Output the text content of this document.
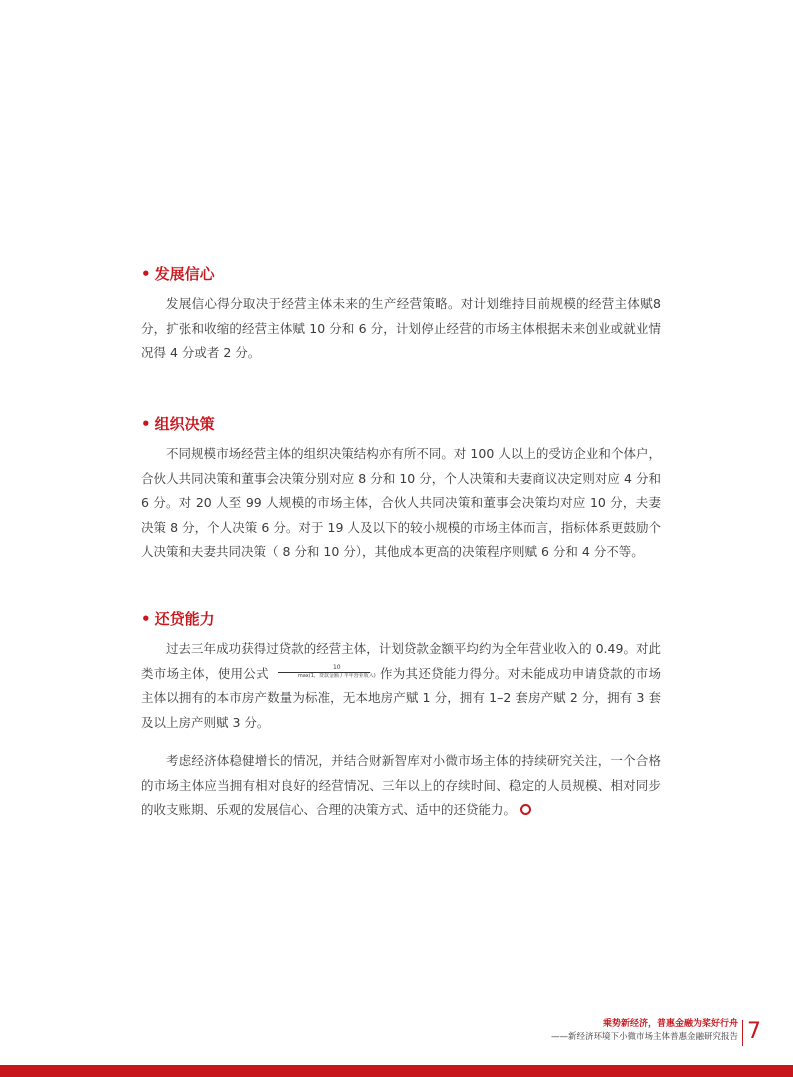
• 发展信心

发展信心得分取决于经营主体未来的生产经营策略。对计划维持目前规模的经营主体赋8 分，扩张和收缩的经营主体赋 10 分和 6 分，计划停止经营的市场主体根据未来创业或就业情况得 4 分或者 2 分。

• 组织决策

不同规模市场经营主体的组织决策结构亦有所不同。对 100 人以上的受访企业和个体户，合伙人共同决策和董事会决策分别对应 8 分和 10 分，个人决策和夫妻商议决定则对应 4 分和 6 分。对 20 人至 99 人规模的市场主体，合伙人共同决策和董事会决策均对应 10 分，夫妻决策 8 分，个人决策 6 分。对于 19 人及以下的较小规模的市场主体而言，指标体系更鼓励个人决策和夫妻共同决策（ 8 分和 10 分），其他成本更高的决策程序则赋 6 分和 4 分不等。

• 还贷能力

过去三年成功获得过贷款的经营主体，计划贷款金额平均约为全年营业收入的 0.49。对此类市场主体，使用公式 $\frac{10}{\text{max(1，贷款金额 / 半年营业收入)}}$ 作为其还贷能力得分。对未能成功申请贷款的市场主体以拥有的本市房产数量为标准，无本地房产赋 1 分，拥有 1–2 套房产赋 2 分，拥有 3 套及以上房产则赋 3 分。

考虑经济体稳健增长的情况，并结合财新智库对小微市场主体的持续研究关注，一个合格的市场主体应当拥有相对良好的经营情况、三年以上的存续时间、稳定的人员规模、相对同步的收支账期、乐观的发展信心、合理的决策方式、适中的还贷能力。

乘势新经济，普惠金融为桨好行舟
——新经济环境下小微市场主体普惠金融研究报告 7
